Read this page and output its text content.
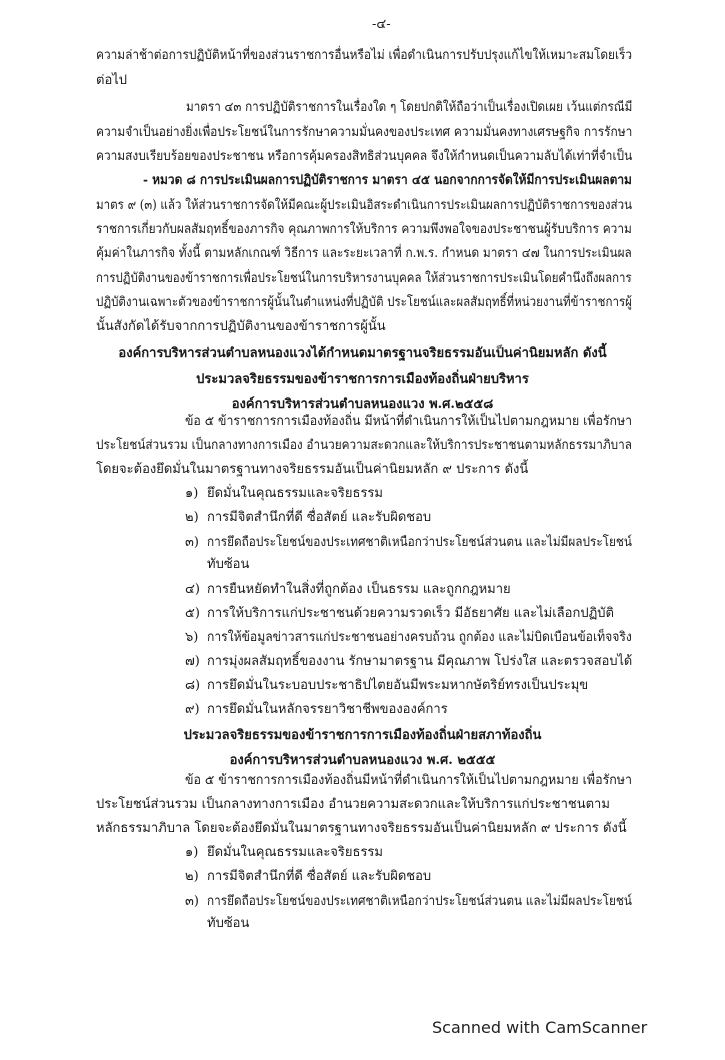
-๔-
ความล่าช้าต่อการปฏิบัติหน้าที่ของส่วนราชการอื่นหรือไม่ เพื่อดำเนินการปรับปรุงแก้ไขให้เหมาะสมโดยเร็ว
ต่อไป
มาตรา ๔๓ การปฏิบัติราชการในเรื่องใด ๆ โดยปกติให้ถือว่าเป็นเรื่องเปิดเผย เว้นแต่กรณีมี
ความจำเป็นอย่างยิ่งเพื่อประโยชน์ในการรักษาความมั่นคงของประเทศ ความมั่นคงทางเศรษฐกิจ การรักษา
ความสงบเรียบร้อยของประชาชน หรือการคุ้มครองสิทธิส่วนบุคคล จึงให้กำหนดเป็นความลับได้เท่าที่จำเป็น
- หมวด ๘ การประเมินผลการปฏิบัติราชการ มาตรา ๔๕ นอกจากการจัดให้มีการประเมินผลตาม
มาตร ๙ (๓) แล้ว ให้ส่วนราชการจัดให้มีคณะผู้ประเมินอิสระดำเนินการประเมินผลการปฏิบัติราชการของส่วน
ราชการเกี่ยวกับผลสัมฤทธิ์ของภารกิจ คุณภาพการให้บริการ ความพึงพอใจของประชาชนผู้รับบริการ ความ
คุ้มค่าในภารกิจ ทั้งนี้ ตามหลักเกณฑ์ วิธีการ และระยะเวลาที่ ก.พ.ร. กำหนด มาตรา ๔๗ ในการประเมินผล
การปฏิบัติงานของข้าราชการเพื่อประโยชน์ในการบริหารงานบุคคล ให้ส่วนราชการประเมินโดยคำนึงถึงผลการ
ปฏิบัติงานเฉพาะตัวของข้าราชการผู้นั้นในตำแหน่งที่ปฏิบัติ ประโยชน์และผลสัมฤทธิ์ที่หน่วยงานที่ข้าราชการผู้
นั้นสังกัดได้รับจากการปฏิบัติงานของข้าราชการผู้นั้น
องค์การบริหารส่วนตำบลหนองแวงได้กำหนดมาตรฐานจริยธรรมอันเป็นค่านิยมหลัก ดังนี้
ประมวลจริยธรรมของข้าราชการการเมืองท้องถิ่นฝ่ายบริหาร
องค์การบริหารส่วนตำบลหนองแวง พ.ศ.๒๕๕๘
ข้อ ๕ ข้าราชการการเมืองท้องถิ่น มีหน้าที่ดำเนินการให้เป็นไปตามกฎหมาย เพื่อรักษา
ประโยชน์ส่วนรวม เป็นกลางทางการเมือง อำนวยความสะดวกและให้บริการประชาชนตามหลักธรรมาภิบาล
โดยจะต้องยึดมั่นในมาตรฐานทางจริยธรรมอันเป็นค่านิยมหลัก ๙ ประการ ดังนี้
๑) ยึดมั่นในคุณธรรมและจริยธรรม
๒) การมีจิตสำนึกที่ดี ซื่อสัตย์ และรับผิดชอบ
๓) การยึดถือประโยชน์ของประเทศชาติเหนือกว่าประโยชน์ส่วนตน และไม่มีผลประโยชน์
ทับซ้อน
๔) การยืนหยัดทำในสิ่งที่ถูกต้อง เป็นธรรม และถูกกฎหมาย
๕) การให้บริการแก่ประชาชนด้วยความรวดเร็ว มีอัธยาศัย และไม่เลือกปฏิบัติ
๖) การให้ข้อมูลข่าวสารแก่ประชาชนอย่างครบถ้วน ถูกต้อง และไม่บิดเบือนข้อเท็จจริง
๗) การมุ่งผลสัมฤทธิ์ของงาน รักษามาตรฐาน มีคุณภาพ โปร่งใส และตรวจสอบได้
๘) การยึดมั่นในระบอบประชาธิปไตยอันมีพระมหากษัตริย์ทรงเป็นประมุข
๙) การยึดมั่นในหลักจรรยาวิชาชีพขององค์การ
ประมวลจริยธรรมของข้าราชการการเมืองท้องถิ่นฝ่ายสภาท้องถิ่น
องค์การบริหารส่วนตำบลหนองแวง พ.ศ. ๒๕๕๕
ข้อ ๕ ข้าราชการการเมืองท้องถิ่นมีหน้าที่ดำเนินการให้เป็นไปตามกฎหมาย เพื่อรักษา
ประโยชน์ส่วนรวม เป็นกลางทางการเมือง อำนวยความสะดวกและให้บริการแก่ประชาชนตาม
หลักธรรมาภิบาล โดยจะต้องยึดมั่นในมาตรฐานทางจริยธรรมอันเป็นค่านิยมหลัก ๙ ประการ ดังนี้
๑) ยึดมั่นในคุณธรรมและจริยธรรม
๒) การมีจิตสำนึกที่ดี ซื่อสัตย์ และรับผิดชอบ
๓) การยึดถือประโยชน์ของประเทศชาติเหนือกว่าประโยชน์ส่วนตน และไม่มีผลประโยชน์
ทับซ้อน
Scanned with CamScanner
